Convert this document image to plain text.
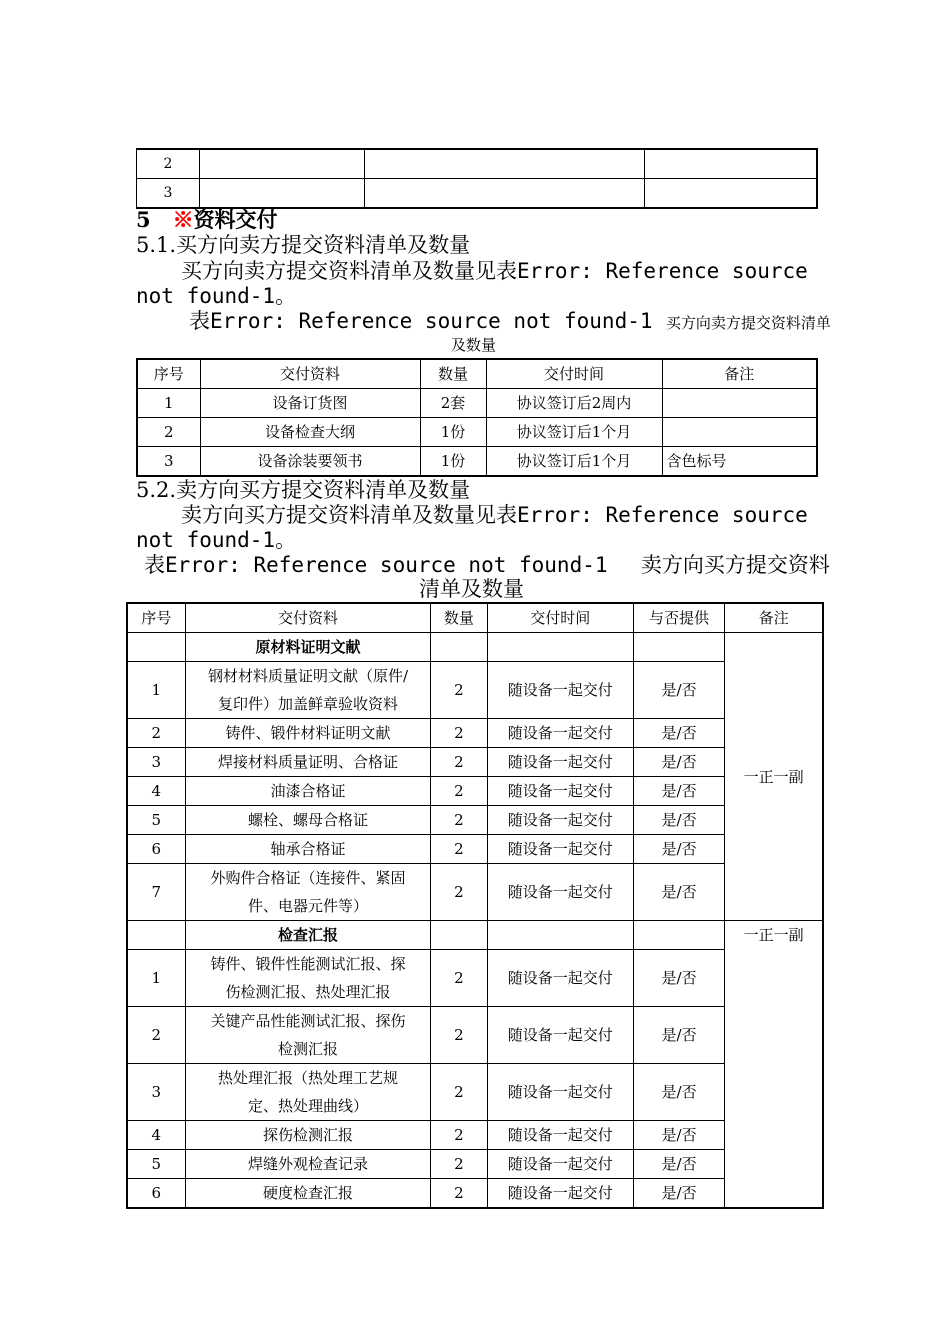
2			
3			
5 ※资料交付
5.1.买方向卖方提交资料清单及数量
买方向卖方提交资料清单及数量见表Error: Reference source
not found-1。
表Error: Reference source not found-1 买方向卖方提交资料清单
及数量
序号	交付资料	数量	交付时间	备注
1	设备订货图	2套	协议签订后2周内	
2	设备检查大纲	1份	协议签订后1个月	
3	设备涂装要领书	1份	协议签订后1个月	含色标号
5.2.卖方向买方提交资料清单及数量
卖方向买方提交资料清单及数量见表Error: Reference source
not found-1。
表Error: Reference source not found-1 卖方向买方提交资料
清单及数量
序号	交付资料	数量	交付时间	与否提供	备注
	原材料证明文献				一正一副
1	钢材材料质量证明文献（原件/
复印件）加盖鲜章验收资料	2	随设备一起交付	是/否	
2	铸件、锻件材料证明文献	2	随设备一起交付	是/否	
3	焊接材料质量证明、合格证	2	随设备一起交付	是/否	
4	油漆合格证	2	随设备一起交付	是/否	
5	螺栓、螺母合格证	2	随设备一起交付	是/否	
6	轴承合格证	2	随设备一起交付	是/否	
7	外购件合格证（连接件、紧固
件、电器元件等）	2	随设备一起交付	是/否	
	检查汇报				一正一副
1	铸件、锻件性能测试汇报、探
伤检测汇报、热处理汇报	2	随设备一起交付	是/否	
2	关键产品性能测试汇报、探伤
检测汇报	2	随设备一起交付	是/否	
3	热处理汇报（热处理工艺规
定、热处理曲线）	2	随设备一起交付	是/否	
4	探伤检测汇报	2	随设备一起交付	是/否	
5	焊缝外观检查记录	2	随设备一起交付	是/否	
6	硬度检查汇报	2	随设备一起交付	是/否	
